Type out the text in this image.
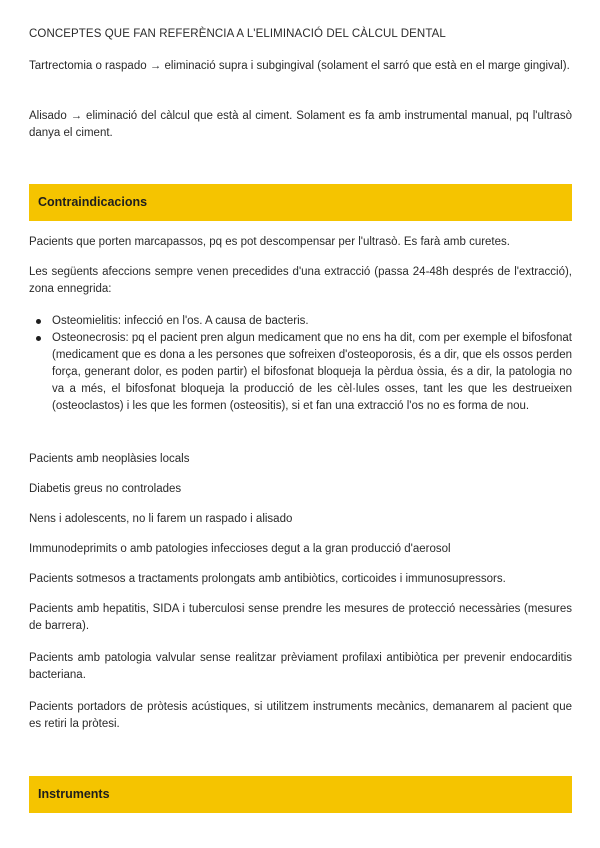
CONCEPTES QUE FAN REFERÈNCIA A L'ELIMINACIÓ DEL CÀLCUL DENTAL

Tartrectomia o raspado → eliminació supra i subgingival (solament el sarró que està en el marge gingival).

Alisado → eliminació del càlcul que està al ciment. Solament es fa amb instrumental manual, pq l'ultrasò danya el ciment.

Contraindicacions

Pacients que porten marcapassos, pq es pot descompensar per l'ultrasò. Es farà amb curetes.

Les següents afeccions sempre venen precedides d'una extracció (passa 24-48h després de l'extracció), zona ennegrida:

Osteomielitis: infecció en l'os. A causa de bacteris.
Osteonecrosis: pq el pacient pren algun medicament que no ens ha dit, com per exemple el bifosfonat (medicament que es dona a les persones que sofreixen d'osteoporosis, és a dir, que els ossos perden força, generant dolor, es poden partir) el bifosfonat bloqueja la pèrdua òssia, és a dir, la patologia no va a més, el bifosfonat bloqueja la producció de les cèl·lules osses, tant les que les destrueixen (osteoclastos) i les que les formen (osteositis), si et fan una extracció l'os no es forma de nou.

Pacients amb neoplàsies locals

Diabetis greus no controlades

Nens i adolescents, no li farem un raspado i alisado

Immunodeprimits o amb patologies infeccioses degut a la gran producció d'aerosol

Pacients sotmesos a tractaments prolongats amb antibiòtics, corticoides i immunosupressors.

Pacients amb hepatitis, SIDA i tuberculosi sense prendre les mesures de protecció necessàries (mesures de barrera).

Pacients amb patologia valvular sense realitzar prèviament profilaxi antibiòtica per prevenir endocarditis bacteriana.

Pacients portadors de pròtesis acústiques, si utilitzem instruments mecànics, demanarem al pacient que es retiri la pròtesi.

Instruments
